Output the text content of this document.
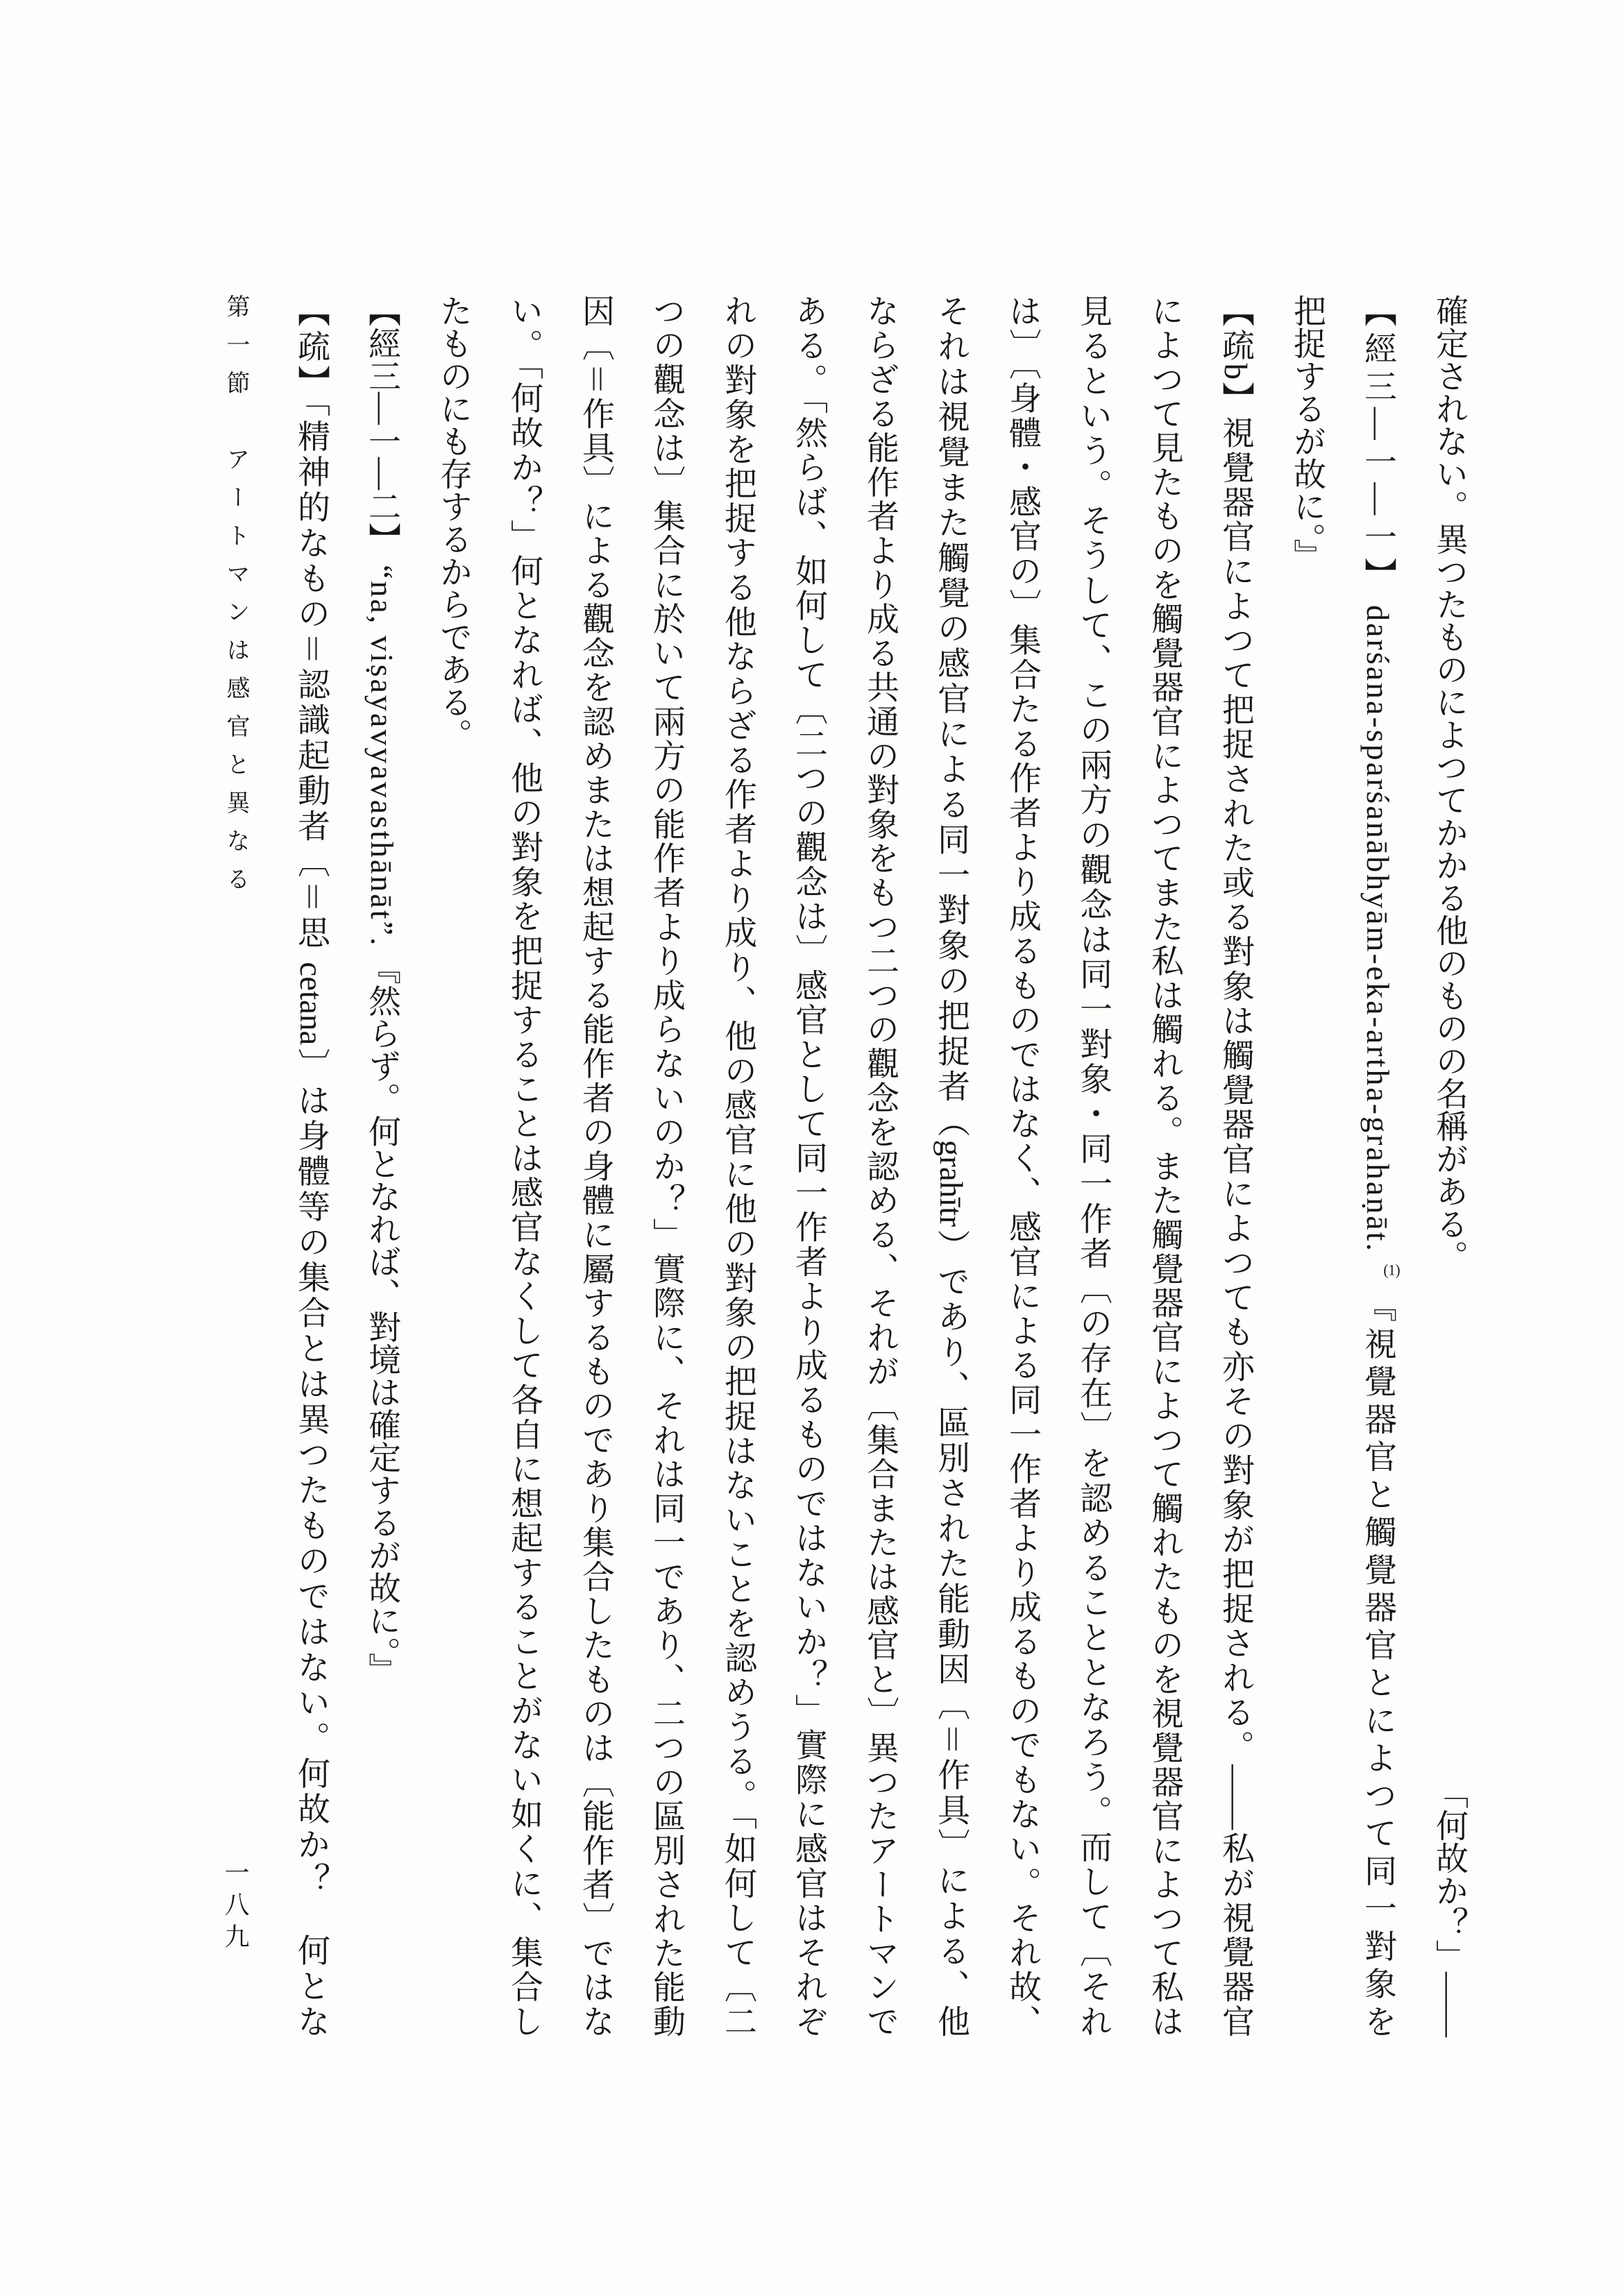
確定されない。異つたものによつてかかる他のものの名稱がある。
「何故か？」——
【經三—一—一】darśana-sparśanābhyām-eka-artha-grahaṇāt.(1)『視覺器官と觸覺器官とによつて同一對象を
把捉するが故に。』
【疏b】視覺器官によつて把捉された或る對象は觸覺器官によつても亦その對象が把捉される。——私が視覺器官
によつて見たものを觸覺器官によつてまた私は觸れる。また觸覺器官によつて觸れたものを視覺器官によつて私は
見るという。そうして、この兩方の觀念は同一對象・同一作者〔の存在〕を認めることとなろう。而して〔それ
は〕〔身體・感官の〕集合たる作者より成るものではなく、感官による同一作者より成るものでもない。それ故、
それは視覺また觸覺の感官による同一對象の把捉者（grahītr）であり、區別された能動因〔＝作具〕による、他
ならざる能作者より成る共通の對象をもつ二つの觀念を認める、それが〔集合または感官と〕異つたアートマンで
ある。「然らば、如何して〔二つの觀念は〕感官として同一作者より成るものではないか？」實際に感官はそれぞ
れの對象を把捉する他ならざる作者より成り、他の感官に他の對象の把捉はないことを認めうる。「如何して〔二
つの觀念は〕集合に於いて兩方の能作者より成らないのか？」實際に、それは同一であり、二つの區別された能動
因〔＝作具〕による觀念を認めまたは想起する能作者の身體に屬するものであり集合したものは〔能作者〕ではな
い。「何故か？」何となれば、他の對象を把捉することは感官なくして各自に想起することがない如くに、集合し
たものにも存するからである。
【經三—一—二】“na, viṣayavyavasthānāt”.『然らず。何となれば、對境は確定するが故に。』
【疏】「精神的なもの＝認識起動者〔＝思 cetana〕は身體等の集合とは異つたものではない。何故か？　何とな
第一節　アートマンは感官と異なる
一八九
